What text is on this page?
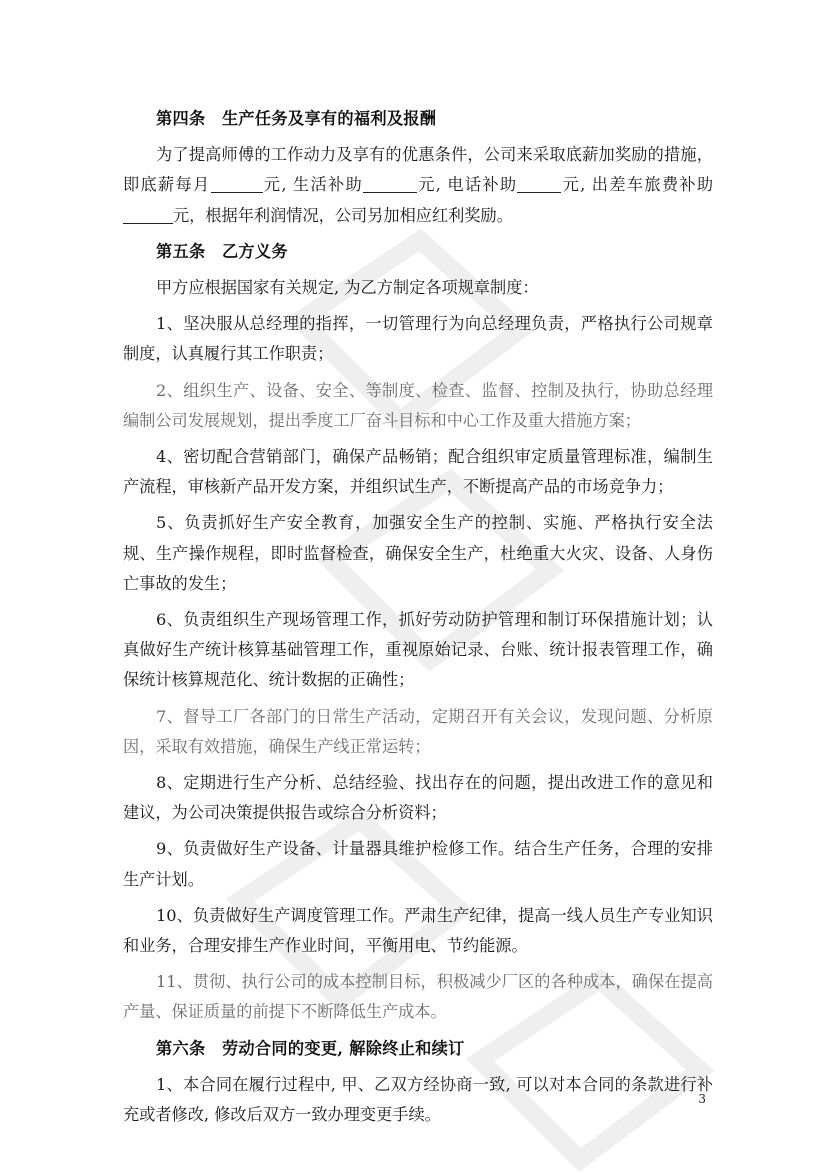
第四条　生产任务及享有的福利及报酬

为了提高师傅的工作动力及享有的优惠条件，公司来采取底薪加奖励的措施，即底薪每月	元, 生活补助	元, 电话补助	元, 出差车旅费补助元，根据年利润情况，公司另加相应红利奖励。

第五条　乙方义务

甲方应根据国家有关规定, 为乙方制定各项规章制度：

1、坚决服从总经理的指挥，一切管理行为向总经理负责，严格执行公司规章制度，认真履行其工作职责；

2、组织生产、设备、安全、等制度、检查、监督、控制及执行，协助总经理编制公司发展规划，提出季度工厂奋斗目标和中心工作及重大措施方案；

4、密切配合营销部门，确保产品畅销；配合组织审定质量管理标准，编制生产流程，审核新产品开发方案，并组织试生产，不断提高产品的市场竞争力；

5、负责抓好生产安全教育，加强安全生产的控制、实施、严格执行安全法规、生产操作规程，即时监督检查，确保安全生产，杜绝重大火灾、设备、人身伤亡事故的发生；

6、负责组织生产现场管理工作，抓好劳动防护管理和制订环保措施计划；认真做好生产统计核算基础管理工作，重视原始记录、台账、统计报表管理工作，确保统计核算规范化、统计数据的正确性；

7、督导工厂各部门的日常生产活动，定期召开有关会议，发现问题、分析原因，采取有效措施，确保生产线正常运转；

8、定期进行生产分析、总结经验、找出存在的问题，提出改进工作的意见和建议，为公司决策提供报告或综合分析资料；

9、负责做好生产设备、计量器具维护检修工作。结合生产任务，合理的安排生产计划。

10、负责做好生产调度管理工作。严肃生产纪律，提高一线人员生产专业知识和业务，合理安排生产作业时间，平衡用电、节约能源。

11、贯彻、执行公司的成本控制目标，积极减少厂区的各种成本，确保在提高产量、保证质量的前提下不断降低生产成本。

第六条　劳动合同的变更, 解除终止和续订

1、本合同在履行过程中, 甲、乙双方经协商一致, 可以对本合同的条款进行补充或者修改, 修改后双方一致办理变更手续。

3
